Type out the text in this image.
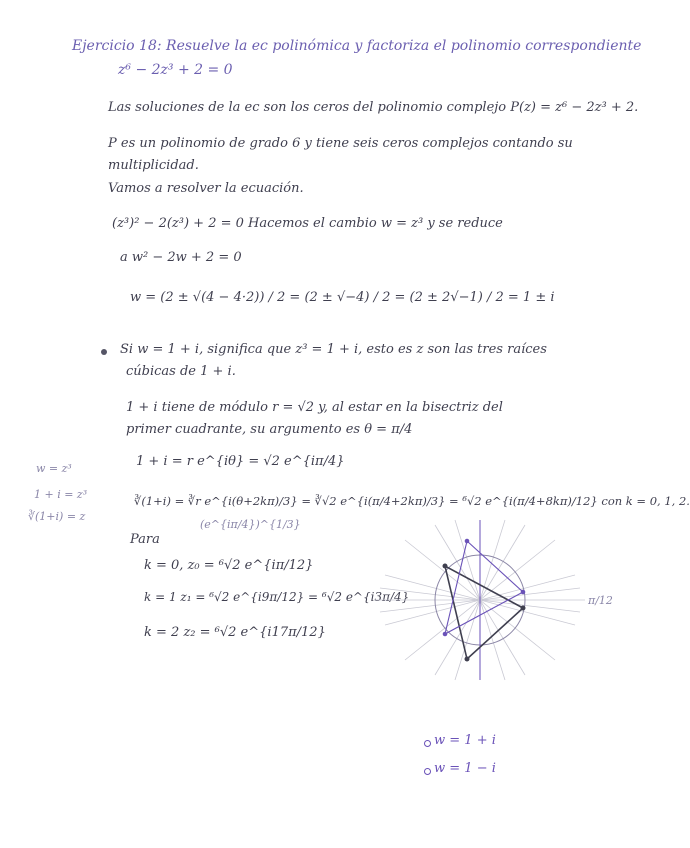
Ejercicio 18: Resuelve la ec polinómica y factoriza el polinomio correspondiente
z⁶ − 2z³ + 2 = 0
Las soluciones de la ec son los ceros del polinomio complejo P(z) = z⁶ − 2z³ + 2.
P es un polinomio de grado 6 y tiene seis ceros complejos contando su
multiplicidad.
Vamos a resolver la ecuación.
(z³)² − 2(z³) + 2 = 0 Hacemos el cambio w = z³ y se reduce
a w² − 2w + 2 = 0
w = (2 ± √(4 − 4·2)) / 2 = (2 ± √−4) / 2 = (2 ± 2√−1) / 2 = 1 ± i
Si w = 1 + i, significa que z³ = 1 + i, esto es z son las tres raíces
cúbicas de 1 + i.
1 + i tiene de módulo r = √2 y, al estar en la bisectriz del
primer cuadrante, su argumento es θ = π/4
1 + i = r e^{iθ} = √2 e^{iπ/4}
∛(1+i) = ∛r e^{i(θ+2kπ)/3} = ∛√2 e^{i(π/4+2kπ)/3} = ⁶√2 e^{i(π/4+8kπ)/12} con k = 0, 1, 2.
(e^{iπ/4})^{1/3}
Para
k = 0, z₀ = ⁶√2 e^{iπ/12}
k = 1 z₁ = ⁶√2 e^{i9π/12} = ⁶√2 e^{i3π/4}
k = 2 z₂ = ⁶√2 e^{i17π/12}
w = z³
1 + i = z³
∛(1+i) = z
π/12
w = 1 + i
w = 1 − i
